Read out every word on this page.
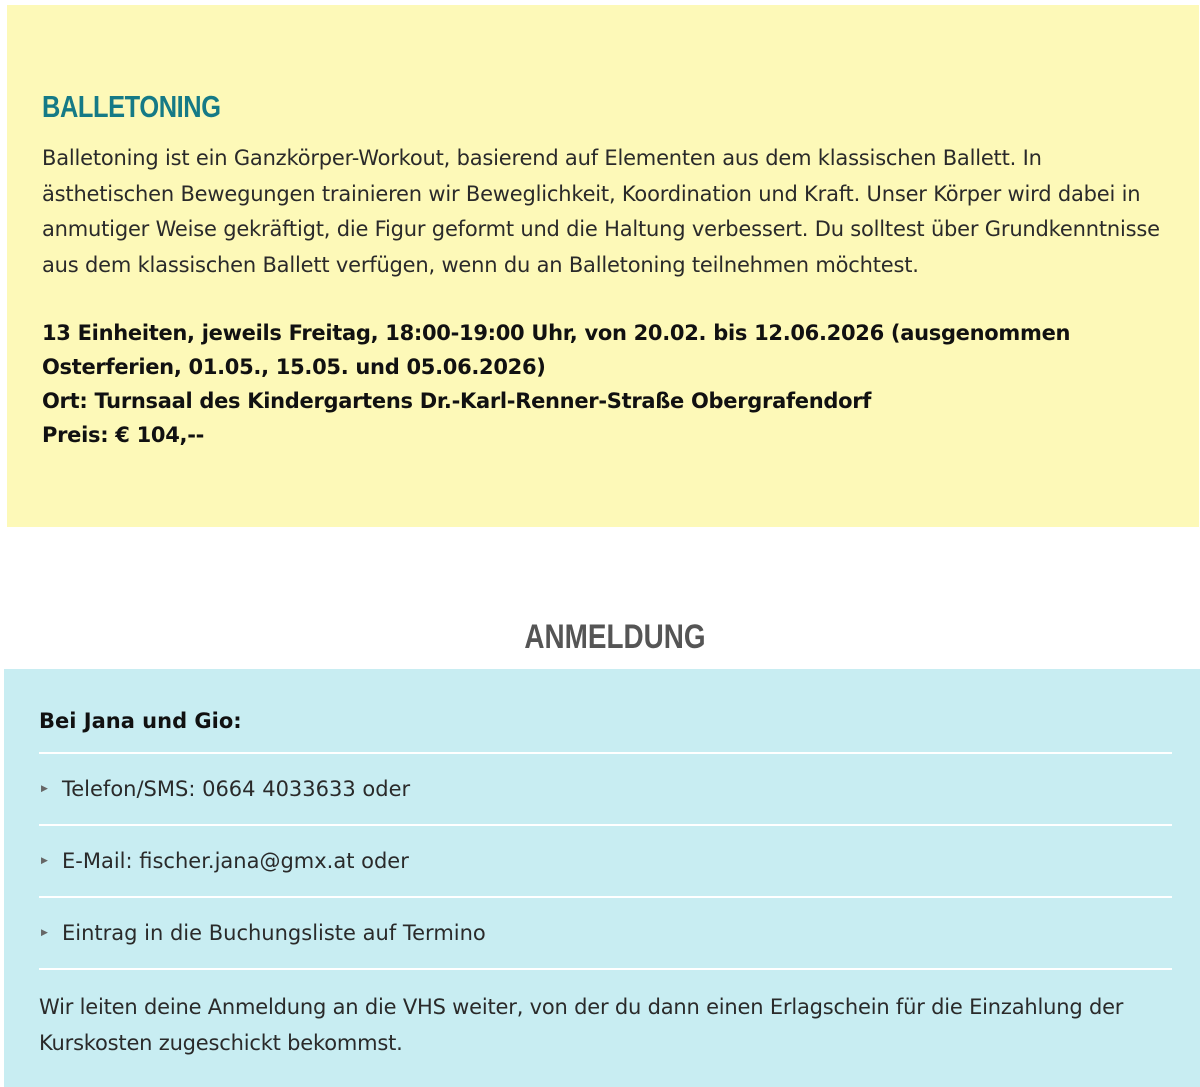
BALLETONING

Balletoning ist ein Ganzkörper-Workout, basierend auf Elementen aus dem klassischen Ballett. In ästhetischen Bewegungen trainieren wir Beweglichkeit, Koordination und Kraft. Unser Körper wird dabei in anmutiger Weise gekräftigt, die Figur geformt und die Haltung verbessert. Du solltest über Grundkenntnisse aus dem klassischen Ballett verfügen, wenn du an Balletoning teilnehmen möchtest.

13 Einheiten, jeweils Freitag, 18:00-19:00 Uhr, von 20.02. bis 12.06.2026 (ausgenommen Osterferien, 01.05., 15.05. und 05.06.2026)
Ort: Turnsaal des Kindergartens Dr.-Karl-Renner-Straße Obergrafendorf
Preis: € 104,--
ANMELDUNG
Bei Jana und Gio:
▶ Telefon/SMS: 0664 4033633 oder
▶ E-Mail: fischer.jana@gmx.at oder
▶ Eintrag in die Buchungsliste auf Termino

Wir leiten deine Anmeldung an die VHS weiter, von der du dann einen Erlagschein für die Einzahlung der Kurskosten zugeschickt bekommst.
